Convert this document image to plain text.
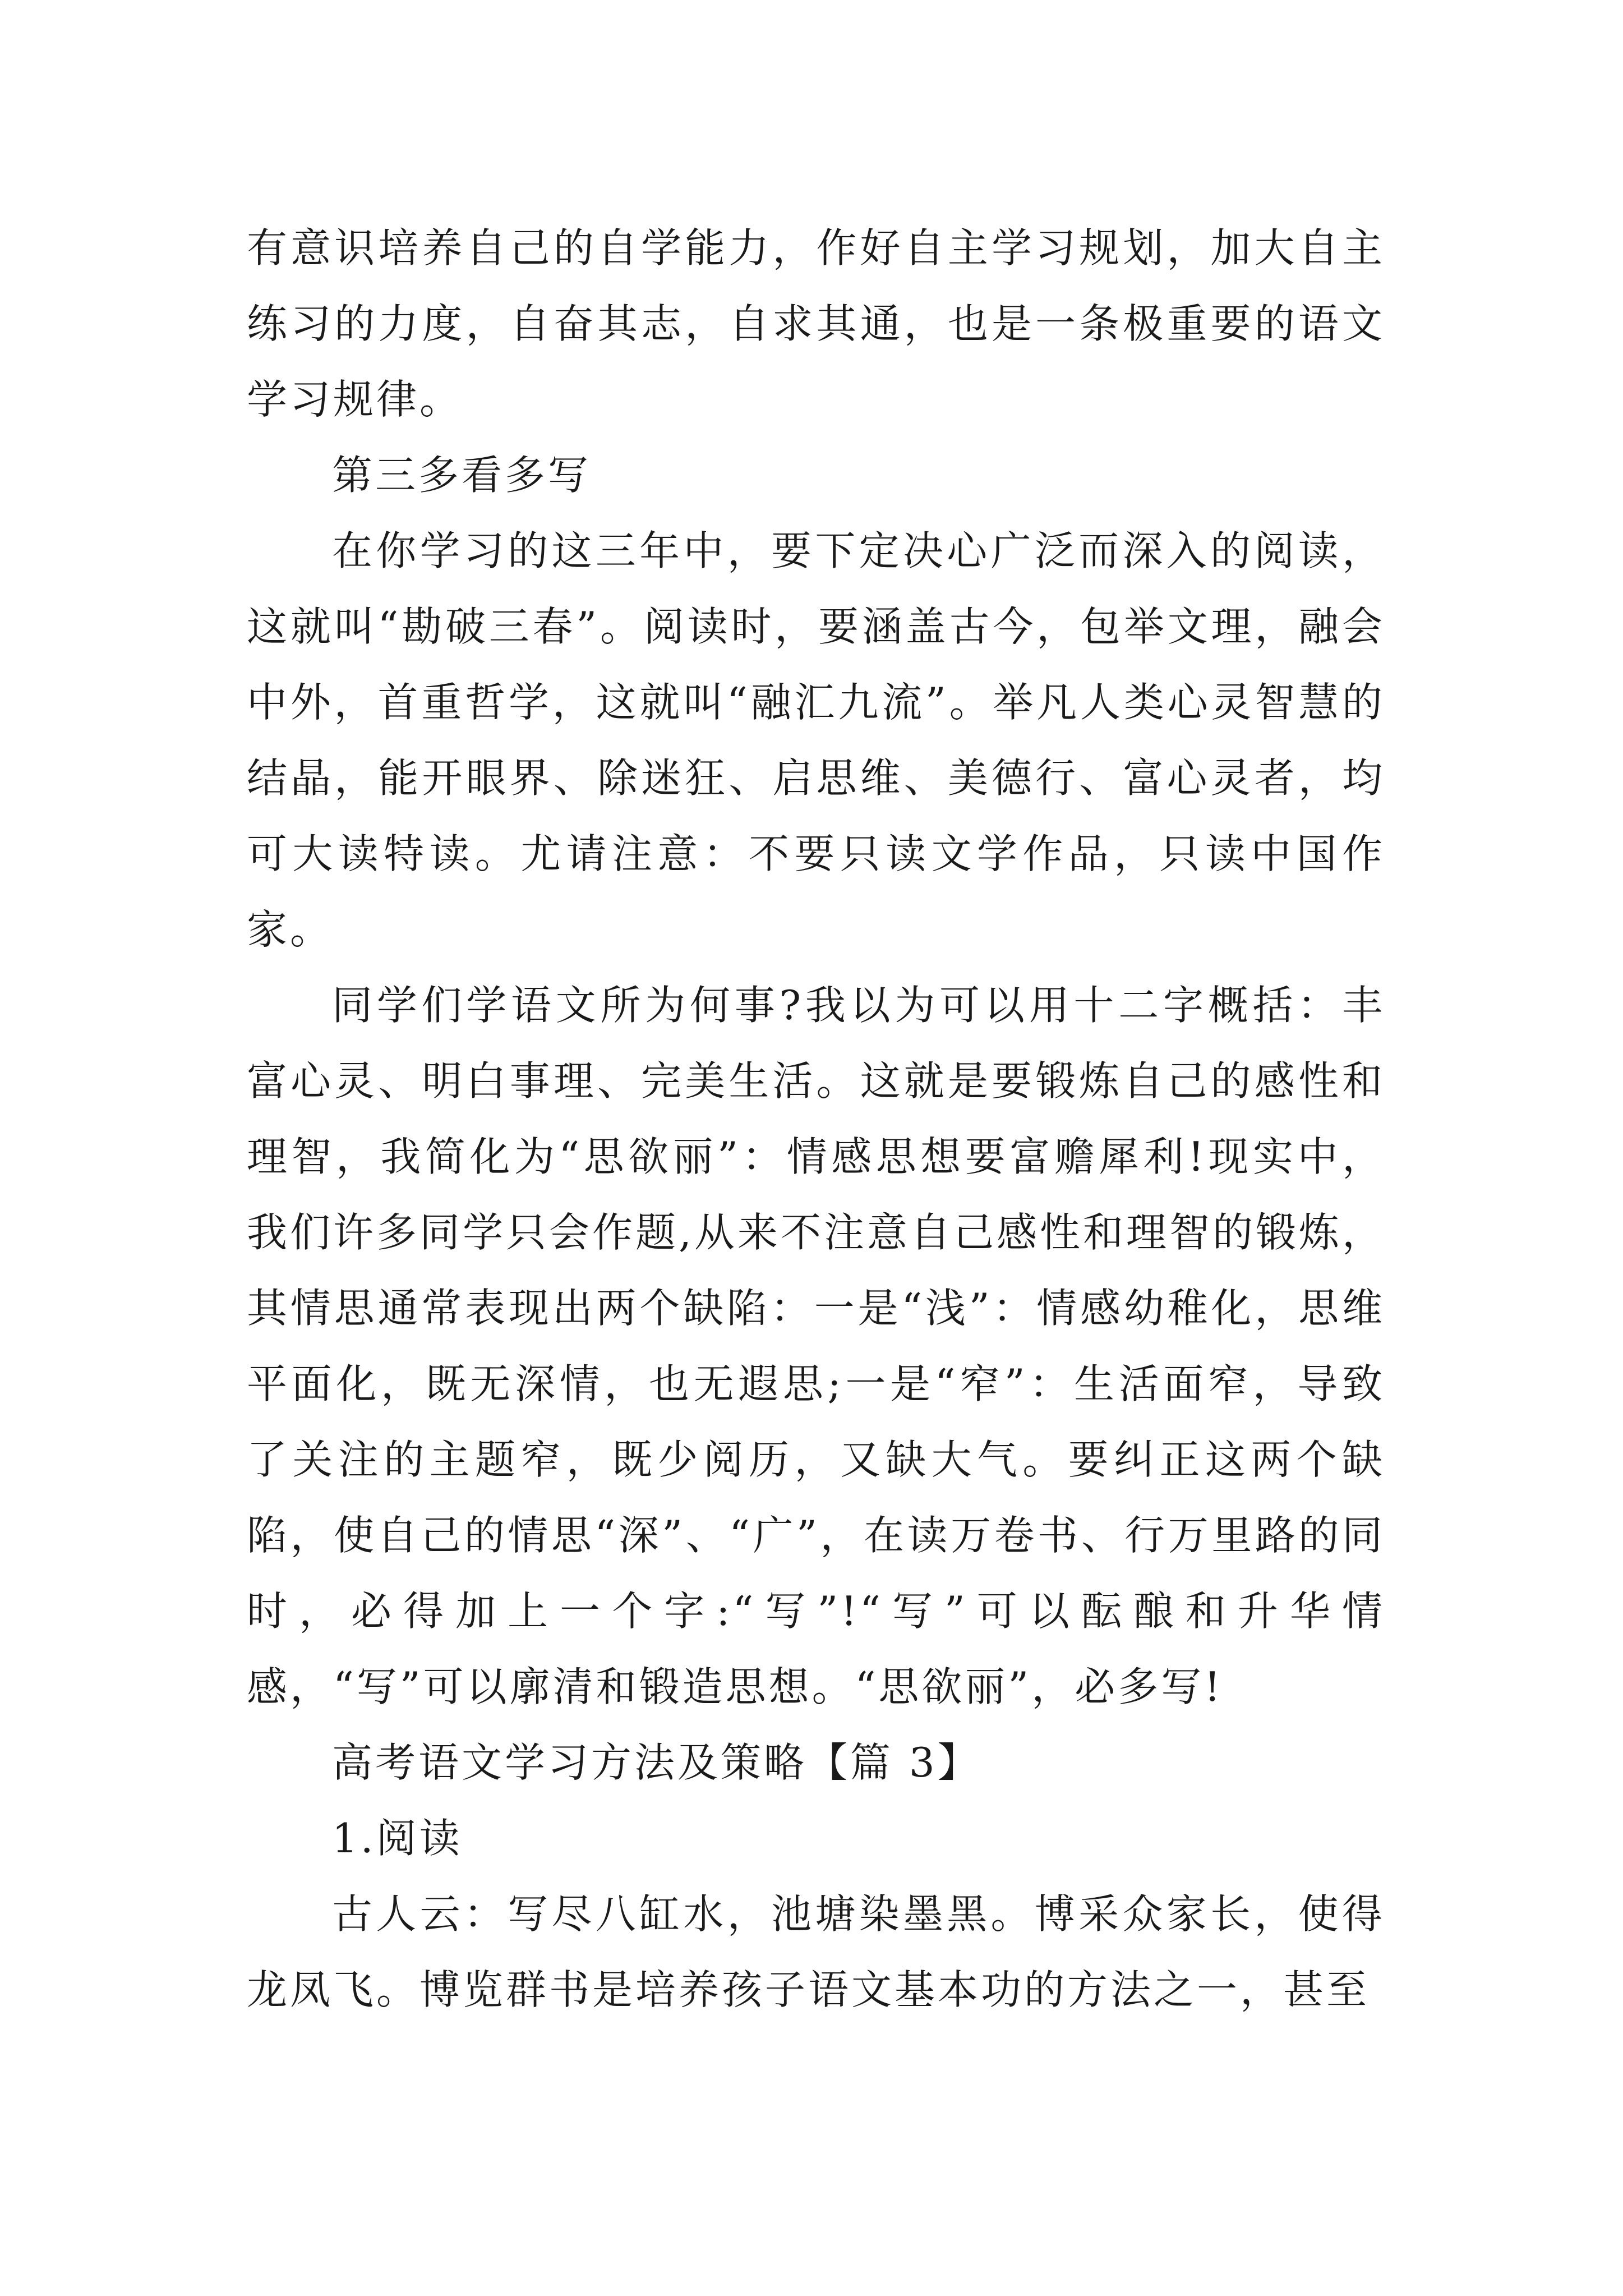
有意识培养自己的自学能力，作好自主学习规划，加大自主练习的力度，自奋其志，自求其通，也是一条极重要的语文学习规律。

第三多看多写

在你学习的这三年中，要下定决心广泛而深入的阅读，这就叫“勘破三春”。阅读时，要涵盖古今，包举文理，融会中外，首重哲学，这就叫“融汇九流”。举凡人类心灵智慧的结晶，能开眼界、除迷狂、启思维、美德行、富心灵者，均可大读特读。尤请注意：不要只读文学作品，只读中国作家。

同学们学语文所为何事?我以为可以用十二字概括：丰富心灵、明白事理、完美生活。这就是要锻炼自己的感性和理智，我简化为“思欲丽”：情感思想要富赡犀利!现实中，我们许多同学只会作题,从来不注意自己感性和理智的锻炼，其情思通常表现出两个缺陷：一是“浅”：情感幼稚化，思维平面化，既无深情，也无遐思;一是“窄”：生活面窄，导致了关注的主题窄，既少阅历，又缺大气。要纠正这两个缺陷，使自己的情思“深”、“广”，在读万卷书、行万里路的同时，必得加上一个字:“写”!“写”可以酝酿和升华情感，“写”可以廓清和锻造思想。“思欲丽”，必多写!

高考语文学习方法及策略【篇 3】

1.阅读

古人云：写尽八缸水，池塘染墨黑。博采众家长，使得龙凤飞。博览群书是培养孩子语文基本功的方法之一，甚至
